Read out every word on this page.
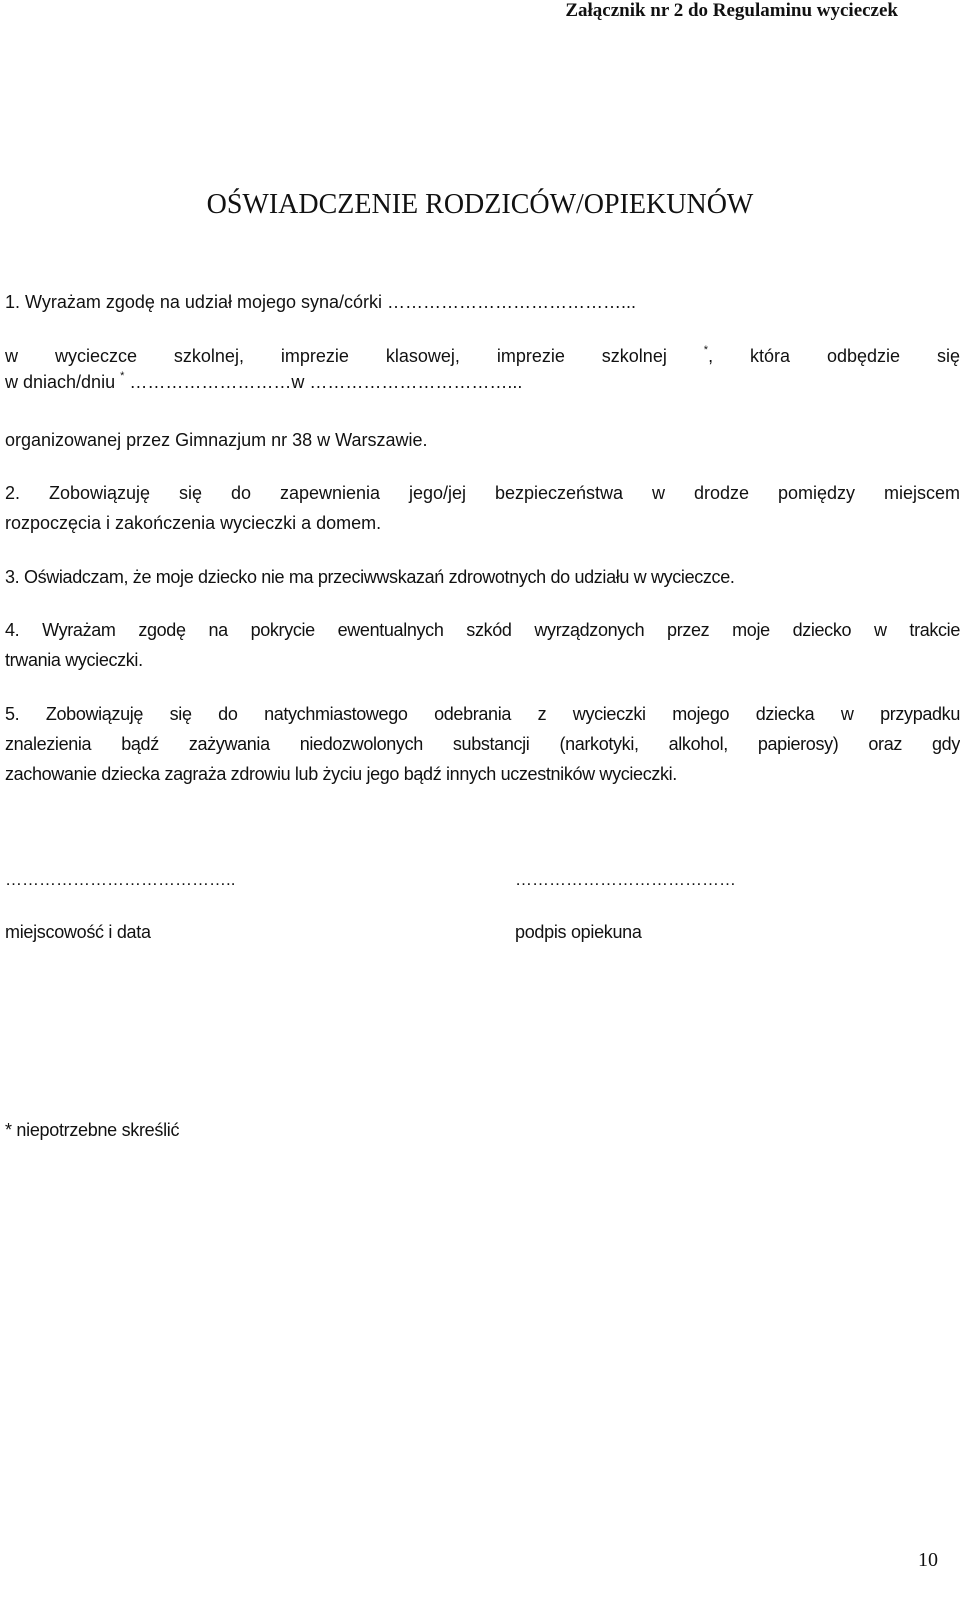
Załącznik nr 2 do Regulaminu wycieczek
OŚWIADCZENIE RODZICÓW/OPIEKUNÓW
1. Wyrażam zgodę na udział mojego syna/córki …………………………………...
w wycieczce szkolnej, imprezie klasowej, imprezie szkolnej	*, która odbędzie się
w dniach/dniu * ………………………w ……………………………...
organizowanej przez Gimnazjum nr 38 w Warszawie.
2. Zobowiązuję się do zapewnienia jego/jej bezpieczeństwa w drodze pomiędzy miejscem
rozpoczęcia i zakończenia wycieczki a domem.
3. Oświadczam, że moje dziecko nie ma przeciwwskazań zdrowotnych do udziału w wycieczce.
4. Wyrażam zgodę na pokrycie ewentualnych szkód wyrządzonych przez moje dziecko w trakcie
trwania wycieczki.
5. Zobowiązuję się do natychmiastowego odebrania z wycieczki mojego dziecka w przypadku
znalezienia bądź zażywania niedozwolonych substancji (narkotyki, alkohol, papierosy) oraz gdy
zachowanie dziecka zagraża zdrowiu lub życiu jego bądź innych uczestników wycieczki.
…………………………………..	…………………………………
miejscowość i data	podpis opiekuna
* niepotrzebne skreślić
10
